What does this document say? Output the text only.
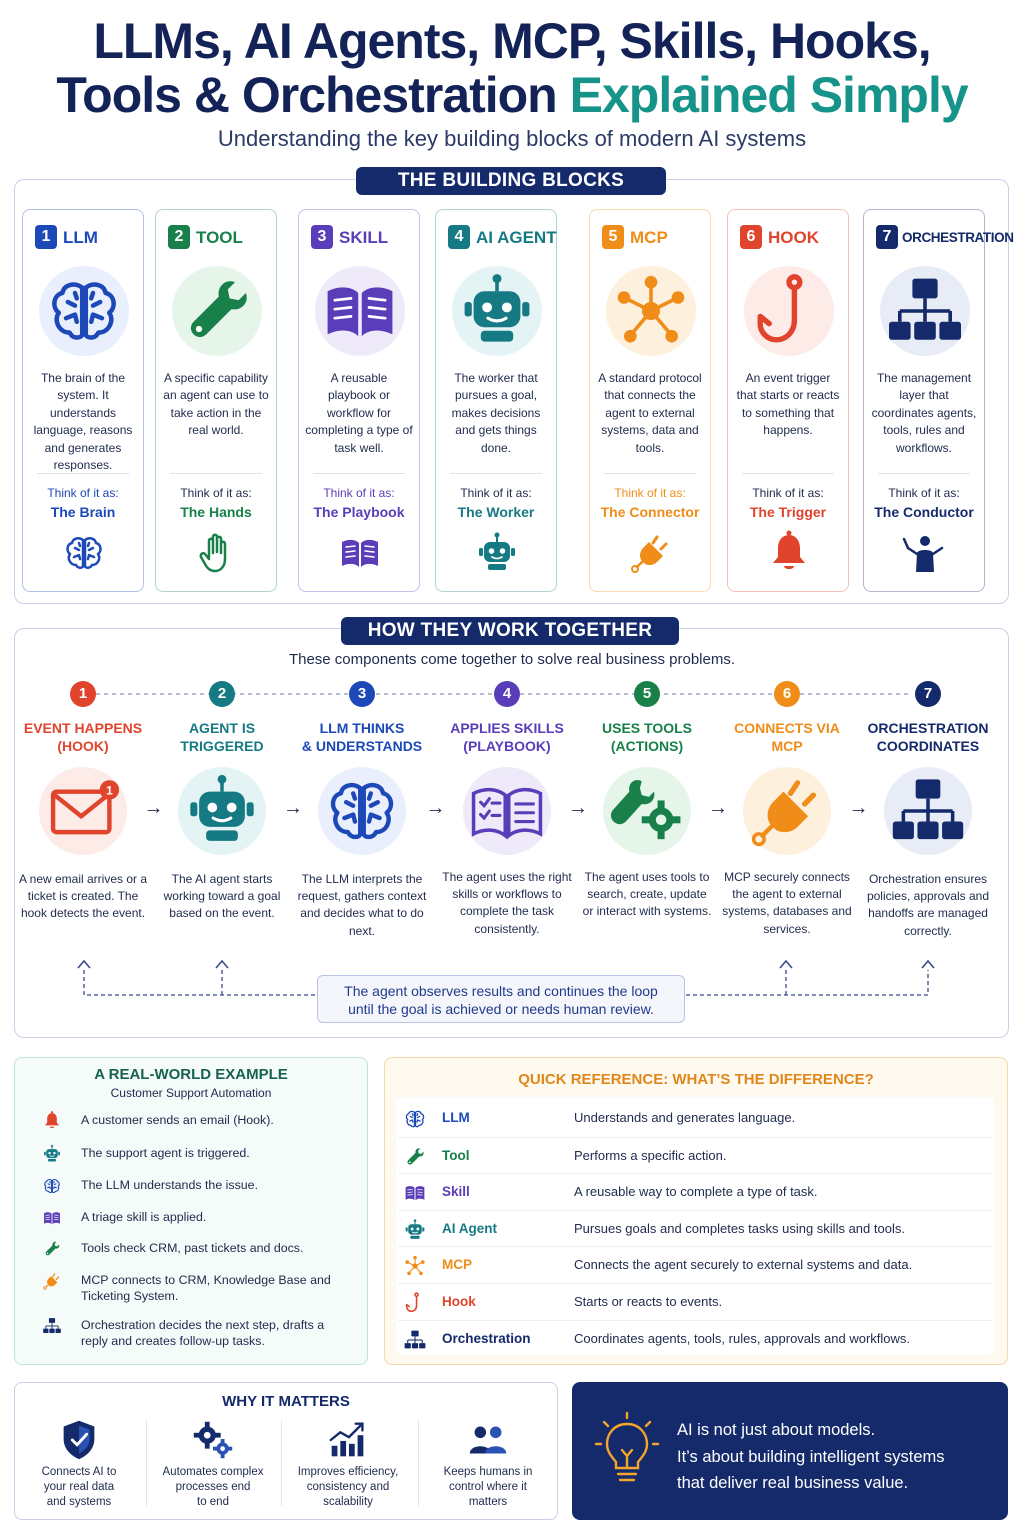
LLMs, AI Agents, MCP, Skills, Hooks,
Tools & Orchestration Explained Simply
Understanding the key building blocks of modern AI systems
THE BUILDING BLOCKS
1 LLM
The brain of the system. It understands language, reasons and generates responses.
Think of it as:
The Brain
2 TOOL
A specific capability an agent can use to take action in the real world.
Think of it as:
The Hands
3 SKILL
A reusable playbook or workflow for completing a type of task well.
Think of it as:
The Playbook
4 AI AGENT
The worker that pursues a goal, makes decisions and gets things done.
Think of it as:
The Worker
5 MCP
A standard protocol that connects the agent to external systems, data and tools.
Think of it as:
The Connector
6 HOOK
An event trigger that starts or reacts to something that happens.
Think of it as:
The Trigger
7 ORCHESTRATION
The management layer that coordinates agents, tools, rules and workflows.
Think of it as:
The Conductor
HOW THEY WORK TOGETHER
These components come together to solve real business problems.
1
EVENT HAPPENS
(HOOK)
1
A new email arrives or a ticket is created. The hook detects the event.
→
2
AGENT IS
TRIGGERED
The AI agent starts working toward a goal based on the event.
→
3
LLM THINKS
& UNDERSTANDS
The LLM interprets the request, gathers context and decides what to do next.
→
4
APPLIES SKILLS
(PLAYBOOK)
The agent uses the right skills or workflows to complete the task consistently.
→
5
USES TOOLS
(ACTIONS)
The agent uses tools to search, create, update or interact with systems.
→
6
CONNECTS VIA
MCP
MCP securely connects the agent to external systems, databases and services.
→
7
ORCHESTRATION
COORDINATES
Orchestration ensures policies, approvals and handoffs are managed correctly.
The agent observes results and continues the loop
until the goal is achieved or needs human review.
A REAL-WORLD EXAMPLE
Customer Support Automation
A customer sends an email (Hook).
The support agent is triggered.
The LLM understands the issue.
A triage skill is applied.
Tools check CRM, past tickets and docs.
MCP connects to CRM, Knowledge Base and Ticketing System.
Orchestration decides the next step, drafts a reply and creates follow-up tasks.
QUICK REFERENCE: WHAT’S THE DIFFERENCE?
LLM	Understands and generates language.
Tool	Performs a specific action.
Skill	A reusable way to complete a type of task.
AI Agent	Pursues goals and completes tasks using skills and tools.
MCP	Connects the agent securely to external systems and data.
Hook	Starts or reacts to events.
Orchestration	Coordinates agents, tools, rules, approvals and workflows.
WHY IT MATTERS
Connects AI to
your real data
and systems
Automates complex
processes end
to end
Improves efficiency,
consistency and
scalability
Keeps humans in
control where it
matters
AI is not just about models.
It’s about building intelligent systems
that deliver real business value.
